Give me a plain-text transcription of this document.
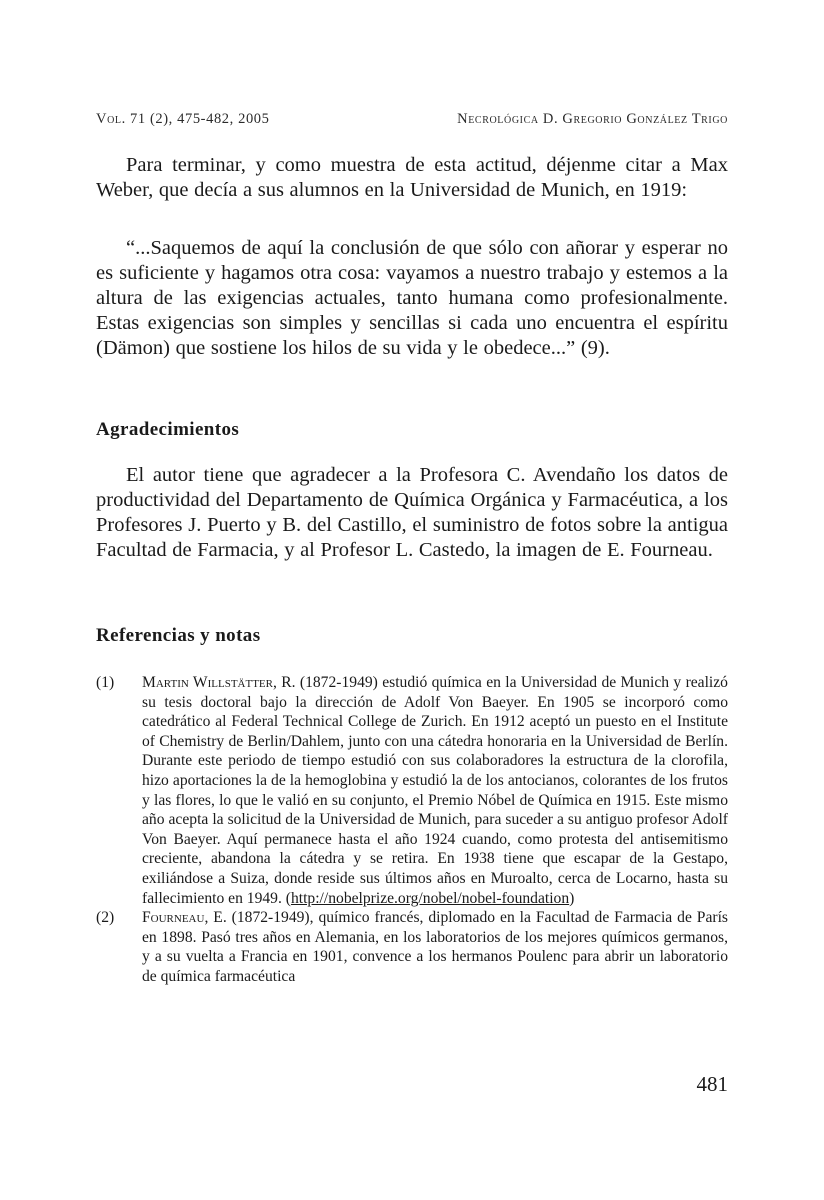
Vol. 71 (2), 475-482, 2005	Necrológica D. Gregorio González Trigo

Para terminar, y como muestra de esta actitud, déjenme citar a Max Weber, que decía a sus alumnos en la Universidad de Munich, en 1919:

“...Saquemos de aquí la conclusión de que sólo con añorar y esperar no es suficiente y hagamos otra cosa: vayamos a nuestro trabajo y estemos a la altura de las exigencias actuales, tanto humana como profesionalmente. Estas exigencias son simples y sencillas si cada uno encuentra el espíritu (Dämon) que sostiene los hilos de su vida y le obedece...” (9).

Agradecimientos

El autor tiene que agradecer a la Profesora C. Avendaño los datos de productividad del Departamento de Química Orgánica y Farmacéutica, a los Profesores J. Puerto y B. del Castillo, el suministro de fotos sobre la antigua Facultad de Farmacia, y al Profesor L. Castedo, la imagen de E. Fourneau.

Referencias y notas
(1)	Martin Willstätter, R. (1872-1949) estudió química en la Universidad de Munich y realizó su tesis doctoral bajo la dirección de Adolf Von Baeyer. En 1905 se incorporó como catedrático al Federal Technical College de Zurich. En 1912 aceptó un puesto en el Institute of Chemistry de Berlin/Dahlem, junto con una cátedra honoraria en la Universidad de Berlín. Durante este periodo de tiempo estudió con sus colaboradores la estructura de la clorofila, hizo aportaciones la de la hemoglobina y estudió la de los antocianos, colorantes de los frutos y las flores, lo que le valió en su conjunto, el Premio Nóbel de Química en 1915. Este mismo año acepta la solicitud de la Universidad de Munich, para suceder a su antiguo profesor Adolf Von Baeyer. Aquí permanece hasta el año 1924 cuando, como protesta del antisemitismo creciente, abandona la cátedra y se retira. En 1938 tiene que escapar de la Gestapo, exiliándose a Suiza, donde reside sus últimos años en Muroalto, cerca de Locarno, hasta su fallecimiento en 1949. (http://nobelprize.org/nobel/nobel-foundation)
(2)	Fourneau, E. (1872-1949), químico francés, diplomado en la Facultad de Farmacia de París en 1898. Pasó tres años en Alemania, en los laboratorios de los mejores químicos germanos, y a su vuelta a Francia en 1901, convence a los hermanos Poulenc para abrir un laboratorio de química farmacéutica
481
